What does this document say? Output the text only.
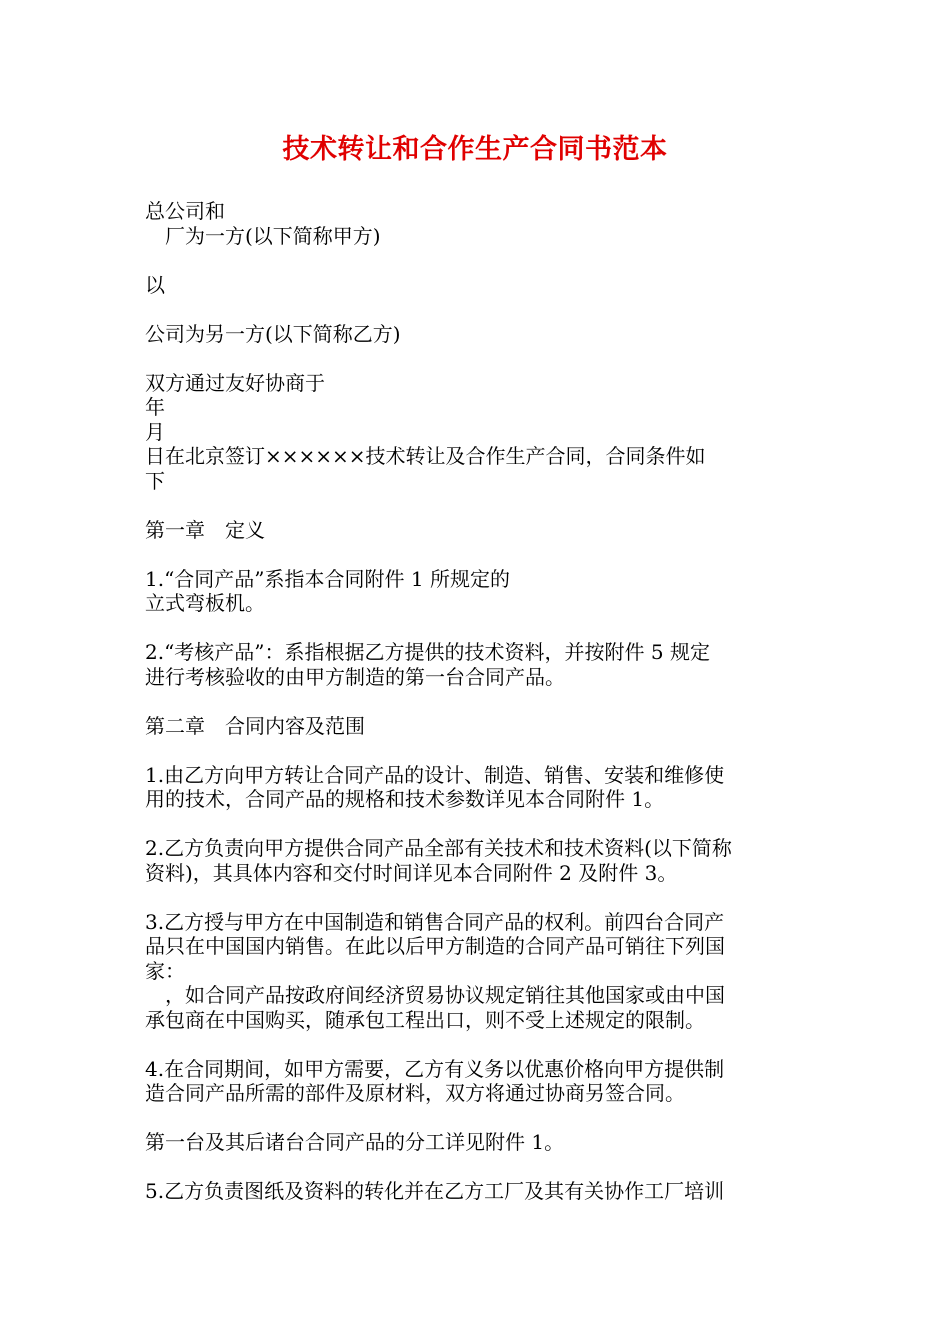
技术转让和合作生产合同书范本
总公司和
厂为一方(以下简称甲方)
以
公司为另一方(以下简称乙方)
双方通过友好协商于
年
月
日在北京签订××××××技术转让及合作生产合同，合同条件如
下
第一章　定义
1.“合同产品”系指本合同附件 1 所规定的
立式弯板机。
2.“考核产品”：系指根据乙方提供的技术资料，并按附件 5 规定
进行考核验收的由甲方制造的第一台合同产品。
第二章　合同内容及范围
1.由乙方向甲方转让合同产品的设计、制造、销售、安装和维修使
用的技术，合同产品的规格和技术参数详见本合同附件 1。
2.乙方负责向甲方提供合同产品全部有关技术和技术资料(以下简称
资料)，其具体内容和交付时间详见本合同附件 2 及附件 3。
3.乙方授与甲方在中国制造和销售合同产品的权利。前四台合同产
品只在中国国内销售。在此以后甲方制造的合同产品可销往下列国
家：
，如合同产品按政府间经济贸易协议规定销往其他国家或由中国
承包商在中国购买，随承包工程出口，则不受上述规定的限制。
4.在合同期间，如甲方需要，乙方有义务以优惠价格向甲方提供制
造合同产品所需的部件及原材料，双方将通过协商另签合同。
第一台及其后诸台合同产品的分工详见附件 1。
5.乙方负责图纸及资料的转化并在乙方工厂及其有关协作工厂培训
